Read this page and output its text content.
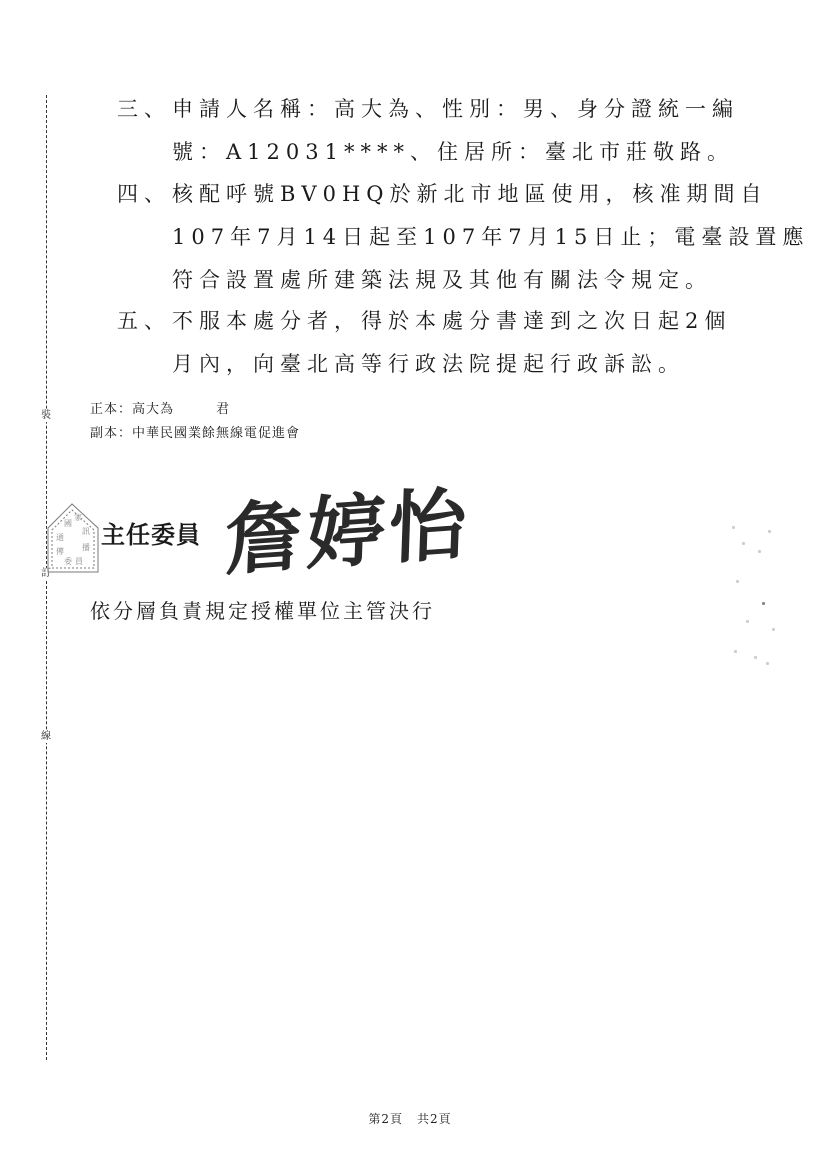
裝
訂
線
三、 申請人名稱：高大為、性別：男、身分證統一編
號：A12031****、住居所：臺北市莊敬路。
四、 核配呼號BV0HQ於新北市地區使用，核准期間自
107年7月14日起至107年7月15日止；電臺設置應
符合設置處所建築法規及其他有關法令規定。
五、 不服本處分者，得於本處分書達到之次日起2個
月內，向臺北高等行政法院提起行政訴訟。
正本：高大為	君
副本：中華民國業餘無線電促進會
國
家
通
訊
傳 播
委 員
主任委員 詹婷怡
依分層負責規定授權單位主管決行
第2頁 共2頁
